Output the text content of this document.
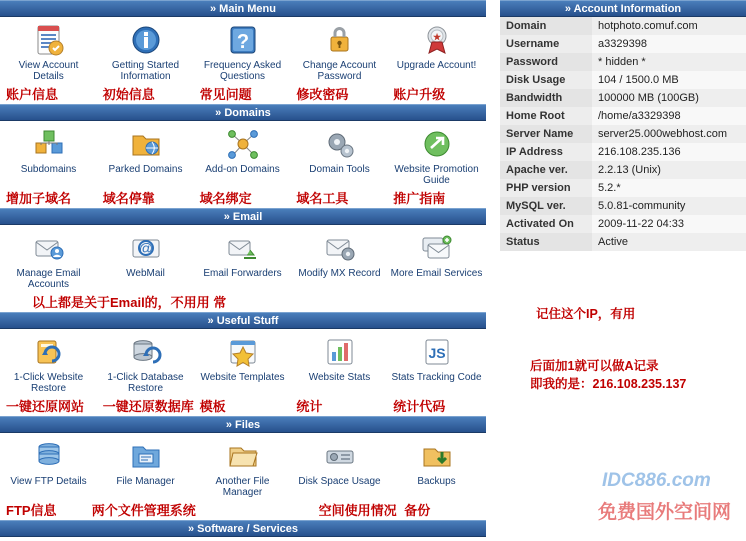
» Main Menu
View Account Details
Getting Started Information
?
Frequency Asked Questions
Change Account Password
★
Upgrade Account!
账户信息	初始信息	常见问题	修改密码	账户升级
» Domains
Subdomains	Parked Domains	Add-on Domains	Domain Tools	Website Promotion Guide
增加子域名	域名停靠	域名绑定	域名工具	推广指南
» Email
Manage Email Accounts
@
WebMail	Email Forwarders	Modify MX Record	More Email Services
以上都是关于Email的，不用用 常
» Useful Stuff
1-Click Website Restore
1-Click Database Restore
Website Templates	Website Stats
JS
Stats Tracking Code
一键还原网站	一键还原数据库 模板	统计	统计代码
» Files
View FTP Details	File Manager	Another File Manager
Disk Space Usage	Backups
FTP信息	两个文件管理系统	空间使用情况 备份
» Software / Services
» Account Information
Domain	hotphoto.comuf.com
Username	a3329398
Password	* hidden *
Disk Usage	104 / 1500.0 MB
Bandwidth	100000 MB (100GB)
Home Root	/home/a3329398
Server Name	server25.000webhost.com
IP Address	216.108.235.136
Apache ver.	2.2.13 (Unix)
PHP version	5.2.*
MySQL ver.	5.0.81-community
Activated On	2009-11-22 04:33
Status	Active
记住这个IP，有用
后面加1就可以做A记录
即我的是：216.108.235.137
IDC886.com
免费国外空间网
